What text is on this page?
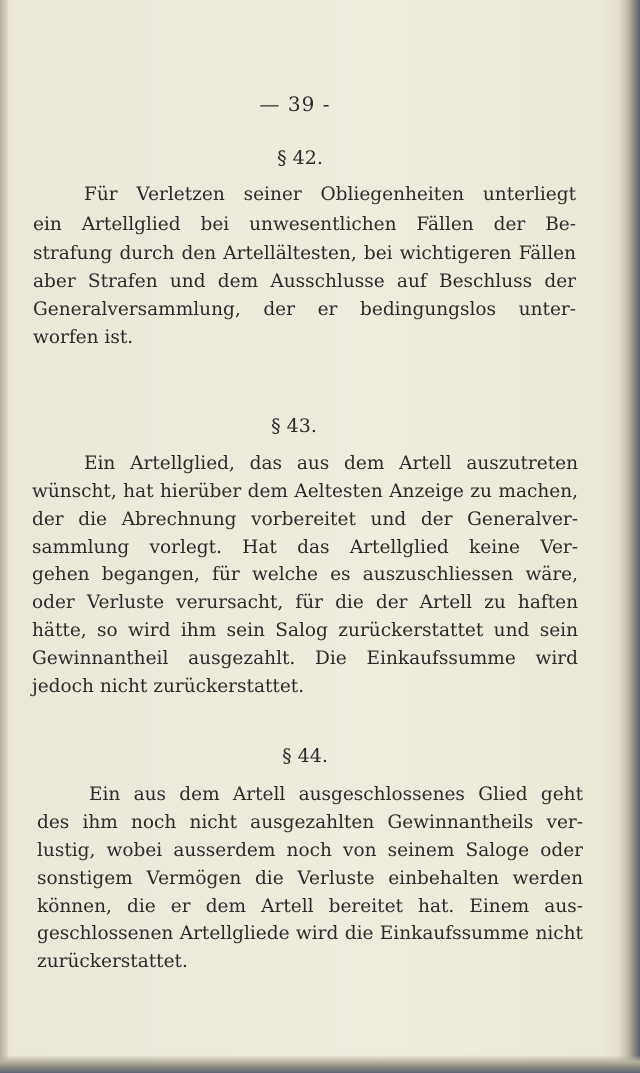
— 39 -
§ 42.
Für Verletzen seiner Obliegenheiten unterliegt
ein Artellglied bei unwesentlichen Fällen der Be-
strafung durch den Artellältesten, bei wichtigeren Fällen
aber Strafen und dem Ausschlusse auf Beschluss der
Generalversammlung, der er bedingungslos unter-
worfen ist.
§ 43.
Ein Artellglied, das aus dem Artell auszutreten
wünscht, hat hierüber dem Aeltesten Anzeige zu machen,
der die Abrechnung vorbereitet und der Generalver-
sammlung vorlegt. Hat das Artellglied keine Ver-
gehen begangen, für welche es auszuschliessen wäre,
oder Verluste verursacht, für die der Artell zu haften
hätte, so wird ihm sein Salog zurückerstattet und sein
Gewinnantheil ausgezahlt. Die Einkaufssumme wird
jedoch nicht zurückerstattet.
§ 44.
Ein aus dem Artell ausgeschlossenes Glied geht
des ihm noch nicht ausgezahlten Gewinnantheils ver-
lustig, wobei ausserdem noch von seinem Saloge oder
sonstigem Vermögen die Verluste einbehalten werden
können, die er dem Artell bereitet hat. Einem aus-
geschlossenen Artellgliede wird die Einkaufssumme nicht
zurückerstattet.
